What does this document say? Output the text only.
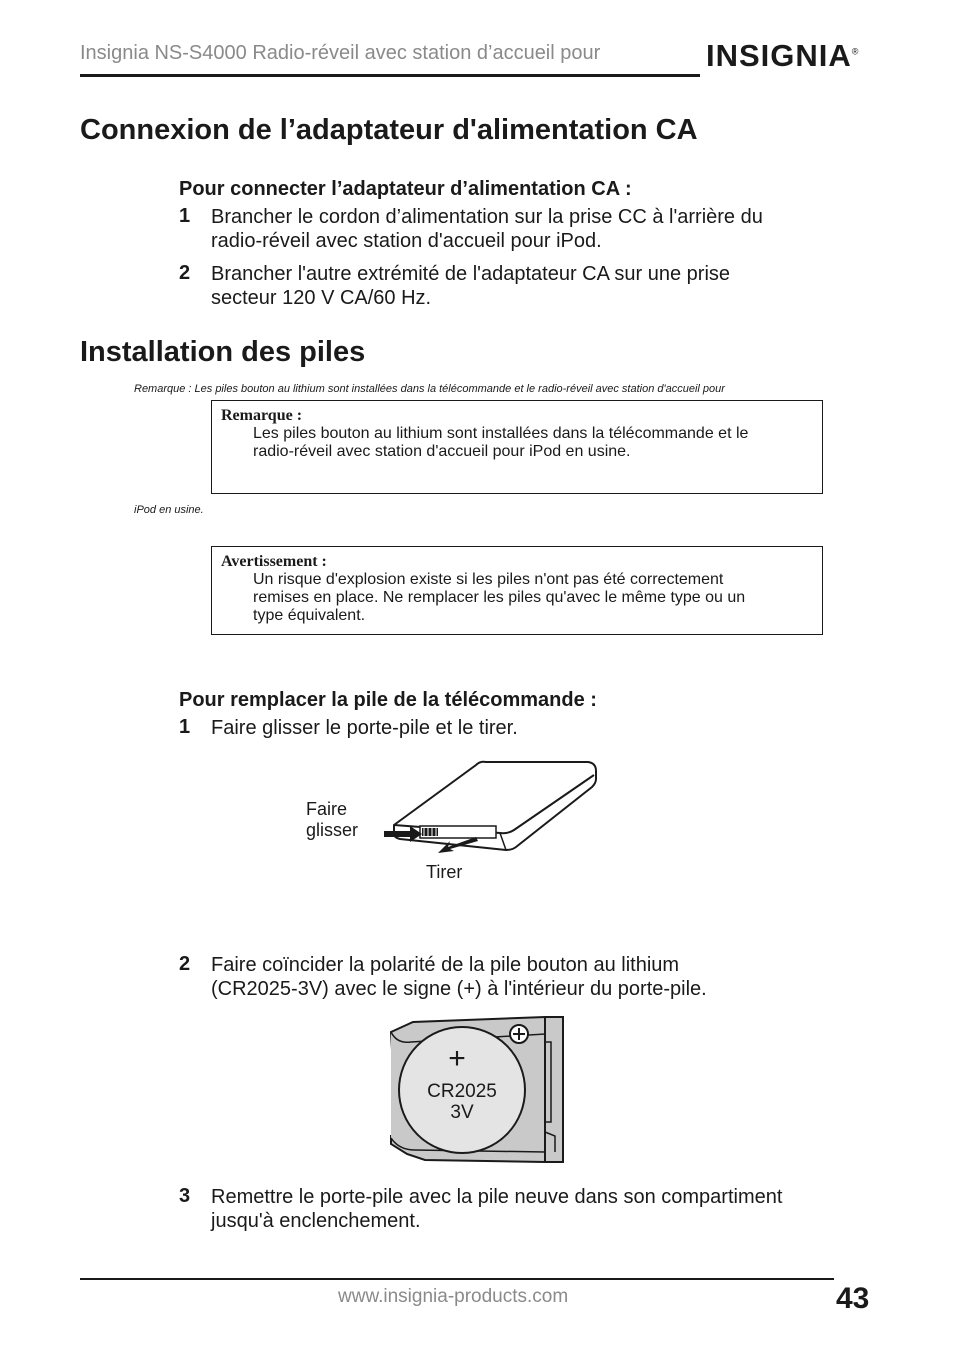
Insignia NS-S4000 Radio-réveil avec station d’accueil pour	INSIGNIA®
Connexion de l’adaptateur d'alimentation CA
Pour connecter l’adaptateur d’alimentation CA :
1 Brancher le cordon d’alimentation sur la prise CC à l'arrière du
radio-réveil avec station d'accueil pour iPod.
2 Brancher l'autre extrémité de l'adaptateur CA sur une prise
secteur 120 V CA/60 Hz.
Installation des piles
Remarque : Les piles bouton au lithium sont installées dans la télécommande et le radio-réveil avec station d'accueil pour
Remarque :
Les piles bouton au lithium sont installées dans la télécommande et le
radio-réveil avec station d'accueil pour iPod en usine.
iPod en usine.
Avertissement :
Un risque d'explosion existe si les piles n'ont pas été correctement
remises en place. Ne remplacer les piles qu'avec le même type ou un
type équivalent.
Pour remplacer la pile de la télécommande :
1 Faire glisser le porte-pile et le tirer.
Faire
glisser
Tirer
2 Faire coïncider la polarité de la pile bouton au lithium
(CR2025-3V) avec le signe (+) à l'intérieur du porte-pile.
+
CR2025
3V
3 Remettre le porte-pile avec la pile neuve dans son compartiment
jusqu'à enclenchement.
www.insignia-products.com	43
